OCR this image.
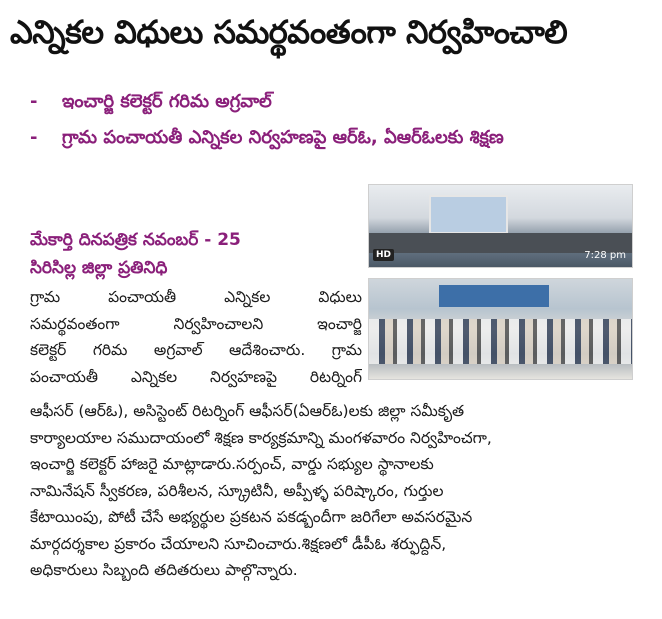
ఎన్నికల విధులు సమర్థవంతంగా నిర్వహించాలి
-	ఇంచార్జి కలెక్టర్ గరిమ అగ్రవాల్
-	గ్రామ పంచాయతీ ఎన్నికల నిర్వహణపై ఆర్ఓ, ఏఆర్ఓలకు శిక్షణ
HD	7:28 pm
మేకార్తి దినపత్రిక నవంబర్ - 25
సిరిసిల్ల జిల్లా ప్రతినిధి
గ్రామ పంచాయతీ ఎన్నికల విధులు
సమర్థవంతంగా నిర్వహించాలని ఇంచార్జి
కలెక్టర్ గరిమ అగ్రవాల్ ఆదేశించారు. గ్రామ
పంచాయతీ ఎన్నికల నిర్వహణపై రిటర్నింగ్
ఆఫీసర్ (ఆర్ఓ), అసిస్టెంట్ రిటర్నింగ్ ఆఫీసర్(ఏఆర్ఓ)లకు జిల్లా సమీకృత
కార్యాలయాల సముదాయంలో శిక్షణ కార్యక్రమాన్ని మంగళవారం నిర్వహించగా,
ఇంచార్జి కలెక్టర్ హాజరై మాట్లాడారు.సర్పంచ్, వార్డు సభ్యుల స్థానాలకు
నామినేషన్ స్వీకరణ, పరిశీలన, స్క్రూటినీ, అప్పీళ్ళ పరిష్కారం, గుర్తుల
కేటాయింపు, పోటీ చేసే అభ్యర్థుల ప్రకటన పకడ్బందీగా జరిగేలా అవసరమైన
మార్గదర్శకాల ప్రకారం చేయాలని సూచించారు.శిక్షణలో డీపీఓ శర్ఫుద్దిన్,
అధికారులు సిబ్బంది తదితరులు పాల్గొన్నారు.
